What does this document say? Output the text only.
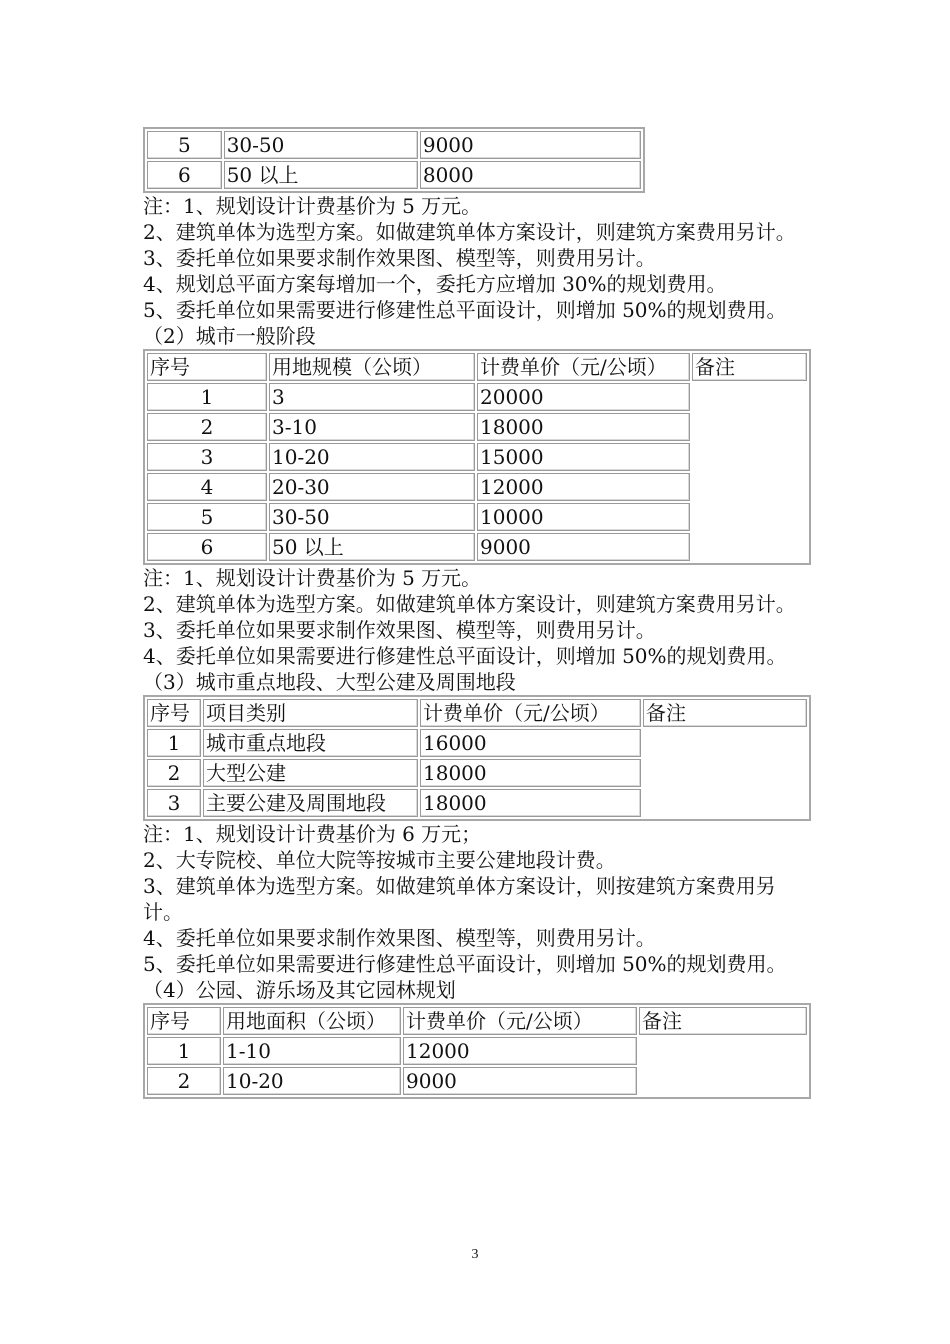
5	30-50	9000
6	50 以上	8000

注：1、规划设计计费基价为 5 万元。

2、建筑单体为选型方案。如做建筑单体方案设计，则建筑方案费用另计。

3、委托单位如果要求制作效果图、模型等，则费用另计。

4、规划总平面方案每增加一个，委托方应增加 30%的规划费用。

5、委托单位如果需要进行修建性总平面设计，则增加 50%的规划费用。

（2）城市一般阶段

序号	用地规模（公顷）	计费单价（元/公顷）	备注
1	3	20000	
2	3-10	18000	
3	10-20	15000	
4	20-30	12000	
5	30-50	10000	
6	50 以上	9000	

注：1、规划设计计费基价为 5 万元。

2、建筑单体为选型方案。如做建筑单体方案设计，则建筑方案费用另计。

3、委托单位如果要求制作效果图、模型等，则费用另计。

4、委托单位如果需要进行修建性总平面设计，则增加 50%的规划费用。

（3）城市重点地段、大型公建及周围地段

序号	项目类别	计费单价（元/公顷）	备注
1	城市重点地段	16000	
2	大型公建	18000	
3	主要公建及周围地段	18000	

注：1、规划设计计费基价为 6 万元；

2、大专院校、单位大院等按城市主要公建地段计费。

3、建筑单体为选型方案。如做建筑单体方案设计，则按建筑方案费用另计。

4、委托单位如果要求制作效果图、模型等，则费用另计。

5、委托单位如果需要进行修建性总平面设计，则增加 50%的规划费用。

（4）公园、游乐场及其它园林规划

序号	用地面积（公顷）	计费单价（元/公顷）	备注
1	1-10	12000	
2	10-20	9000	
3
